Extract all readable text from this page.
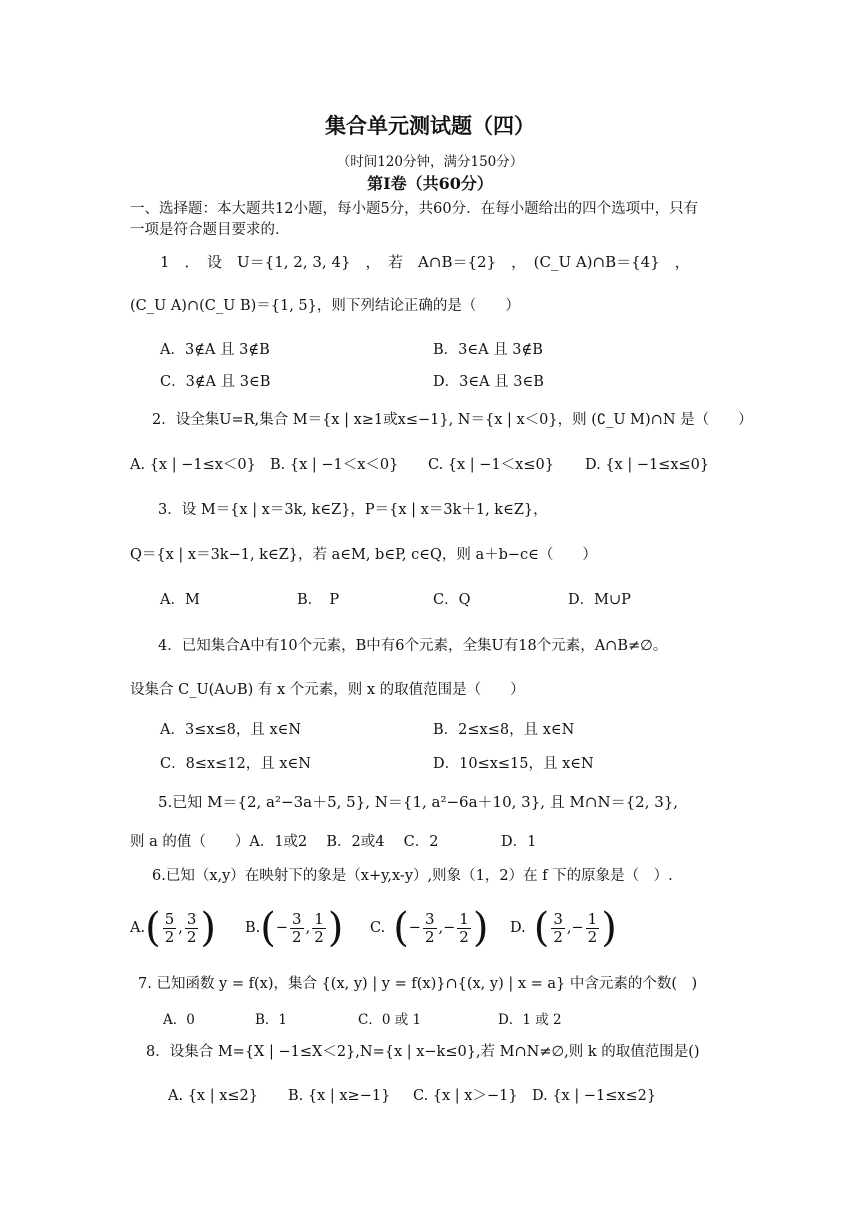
集合单元测试题（四）
（时间120分钟，满分150分）
第Ⅰ卷（共60分）
一、选择题：本大题共12小题，每小题5分，共60分．在每小题给出的四个选项中，只有
一项是符合题目要求的．
1　．　设　U＝{1, 2, 3, 4}　，　若　A∩B＝{2}　，　(C_U A)∩B＝{4}　，
(C_U A)∩(C_U B)＝{1, 5}，则下列结论正确的是（　　）
A．3∉A 且 3∉B	B．3∈A 且 3∉B
C．3∉A 且 3∈B	D．3∈A 且 3∈B
2．设全集U=R,集合 M＝{x | x≥1或x≤−1}, N＝{x | x＜0}，则 (∁_U M)∩N 是（　　）
A. {x | −1≤x＜0} B. {x | −1＜x＜0} C. {x | −1＜x≤0} D. {x | −1≤x≤0}
3．设 M＝{x | x＝3k, k∈Z}，P＝{x | x＝3k＋1, k∈Z}，
Q＝{x | x＝3k−1, k∈Z}，若 a∈M, b∈P, c∈Q，则 a＋b−c∈（　　）
A．M	B．　P	C．Q	D．M∪P
4．已知集合A中有10个元素，B中有6个元素，全集U有18个元素，A∩B≠∅。
设集合 C_U(A∪B) 有 x 个元素，则 x 的取值范围是（　　）
A．3≤x≤8，且 x∈N	B．2≤x≤8，且 x∈N
C．8≤x≤12，且 x∈N	D．10≤x≤15，且 x∈N
5.已知 M＝{2, a²−3a＋5, 5}, N＝{1, a²−6a＋10, 3}, 且 M∩N＝{2, 3},
则 a 的值（　　）A．1或2　 B．2或4　 C．2　　　　 D．1
6.已知（x,y）在映射下的象是（x+y,x-y）,则象（1，2）在 f 下的原象是（　）.
A. ( $\frac{5}{2}$ , $\frac{3}{2}$ ) B. ( − $\frac{3}{2}$ , $\frac{1}{2}$ ) C. ( − $\frac{3}{2}$ , − $\frac{1}{2}$ ) D. ( $\frac{3}{2}$ , − $\frac{1}{2}$ )
7. 已知函数 y = f(x)，集合 {(x, y) | y = f(x)}∩{(x, y) | x = a} 中含元素的个数(　)
A．0	B．1	C．0 或 1	D．1 或 2
8．设集合 M={X | −1≤X＜2},N={x | x−k≤0},若 M∩N≠∅,则 k 的取值范围是()
A. {x | x≤2} B. {x | x≥−1} C. {x | x＞−1} D. {x | −1≤x≤2}
